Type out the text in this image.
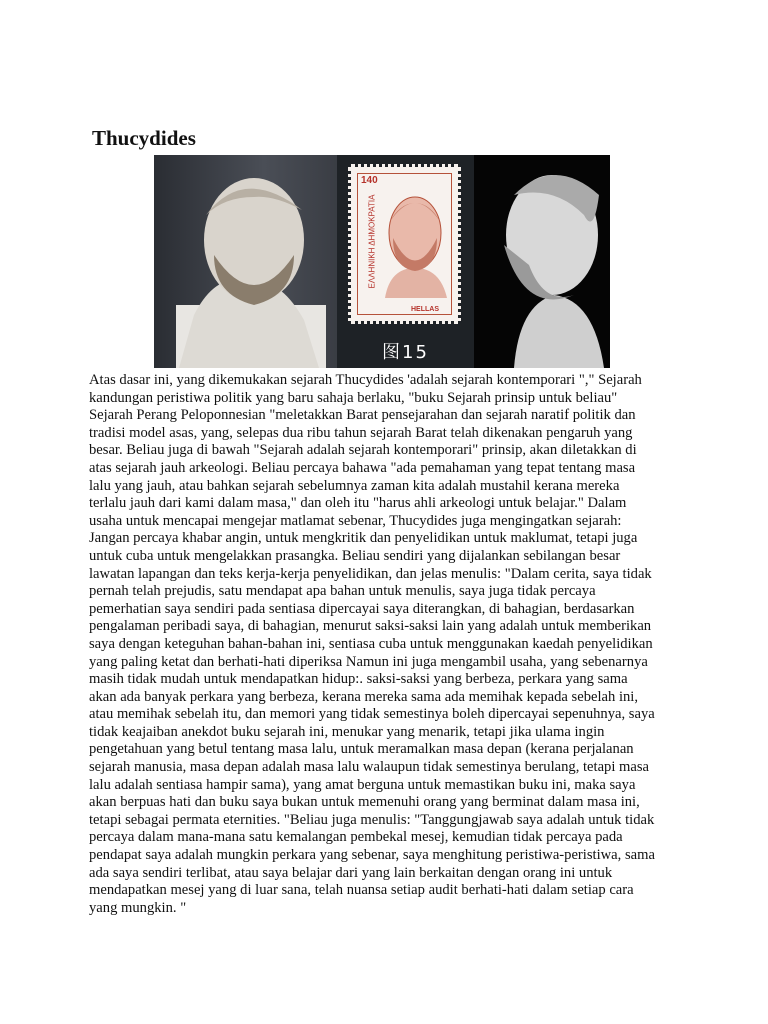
Thucydides
140
ΕΛΛΗΝΙΚΗ ΔΗΜΟΚΡΑΤΙΑ
HELLAS
图15
Atas dasar ini, yang dikemukakan sejarah Thucydides 'adalah sejarah kontemporari "," Sejarah
kandungan peristiwa politik yang baru sahaja berlaku, "buku Sejarah prinsip untuk beliau"
Sejarah Perang Peloponnesian "meletakkan Barat pensejarahan dan sejarah naratif politik dan
tradisi model asas, yang, selepas dua ribu tahun sejarah Barat telah dikenakan pengaruh yang
besar. Beliau juga di bawah "Sejarah adalah sejarah kontemporari" prinsip, akan diletakkan di
atas sejarah jauh arkeologi. Beliau percaya bahawa "ada pemahaman yang tepat tentang masa
lalu yang jauh, atau bahkan sejarah sebelumnya zaman kita adalah mustahil kerana mereka
terlalu jauh dari kami dalam masa," dan oleh itu "harus ahli arkeologi untuk belajar." Dalam
usaha untuk mencapai mengejar matlamat sebenar, Thucydides juga mengingatkan sejarah:
Jangan percaya khabar angin, untuk mengkritik dan penyelidikan untuk maklumat, tetapi juga
untuk cuba untuk mengelakkan prasangka. Beliau sendiri yang dijalankan sebilangan besar
lawatan lapangan dan teks kerja-kerja penyelidikan, dan jelas menulis: "Dalam cerita, saya tidak
pernah telah prejudis, satu mendapat apa bahan untuk menulis, saya juga tidak percaya
pemerhatian saya sendiri pada sentiasa dipercayai saya diterangkan, di bahagian, berdasarkan
pengalaman peribadi saya, di bahagian, menurut saksi-saksi lain yang adalah untuk memberikan
saya dengan keteguhan bahan-bahan ini, sentiasa cuba untuk menggunakan kaedah penyelidikan
yang paling ketat dan berhati-hati diperiksa Namun ini juga mengambil usaha, yang sebenarnya
masih tidak mudah untuk mendapatkan hidup:. saksi-saksi yang berbeza, perkara yang sama
akan ada banyak perkara yang berbeza, kerana mereka sama ada memihak kepada sebelah ini,
atau memihak sebelah itu, dan memori yang tidak semestinya boleh dipercayai sepenuhnya, saya
tidak keajaiban anekdot buku sejarah ini, menukar yang menarik, tetapi jika ulama ingin
pengetahuan yang betul tentang masa lalu, untuk meramalkan masa depan (kerana perjalanan
sejarah manusia, masa depan adalah masa lalu walaupun tidak semestinya berulang, tetapi masa
lalu adalah sentiasa hampir sama), yang amat berguna untuk memastikan buku ini, maka saya
akan berpuas hati dan buku saya bukan untuk memenuhi orang yang berminat dalam masa ini,
tetapi sebagai permata eternities. "Beliau juga menulis: "Tanggungjawab saya adalah untuk tidak
percaya dalam mana-mana satu kemalangan pembekal mesej, kemudian tidak percaya pada
pendapat saya adalah mungkin perkara yang sebenar, saya menghitung peristiwa-peristiwa, sama
ada saya sendiri terlibat, atau saya belajar dari yang lain berkaitan dengan orang ini untuk
mendapatkan mesej yang di luar sana, telah nuansa setiap audit berhati-hati dalam setiap cara
yang mungkin. "
